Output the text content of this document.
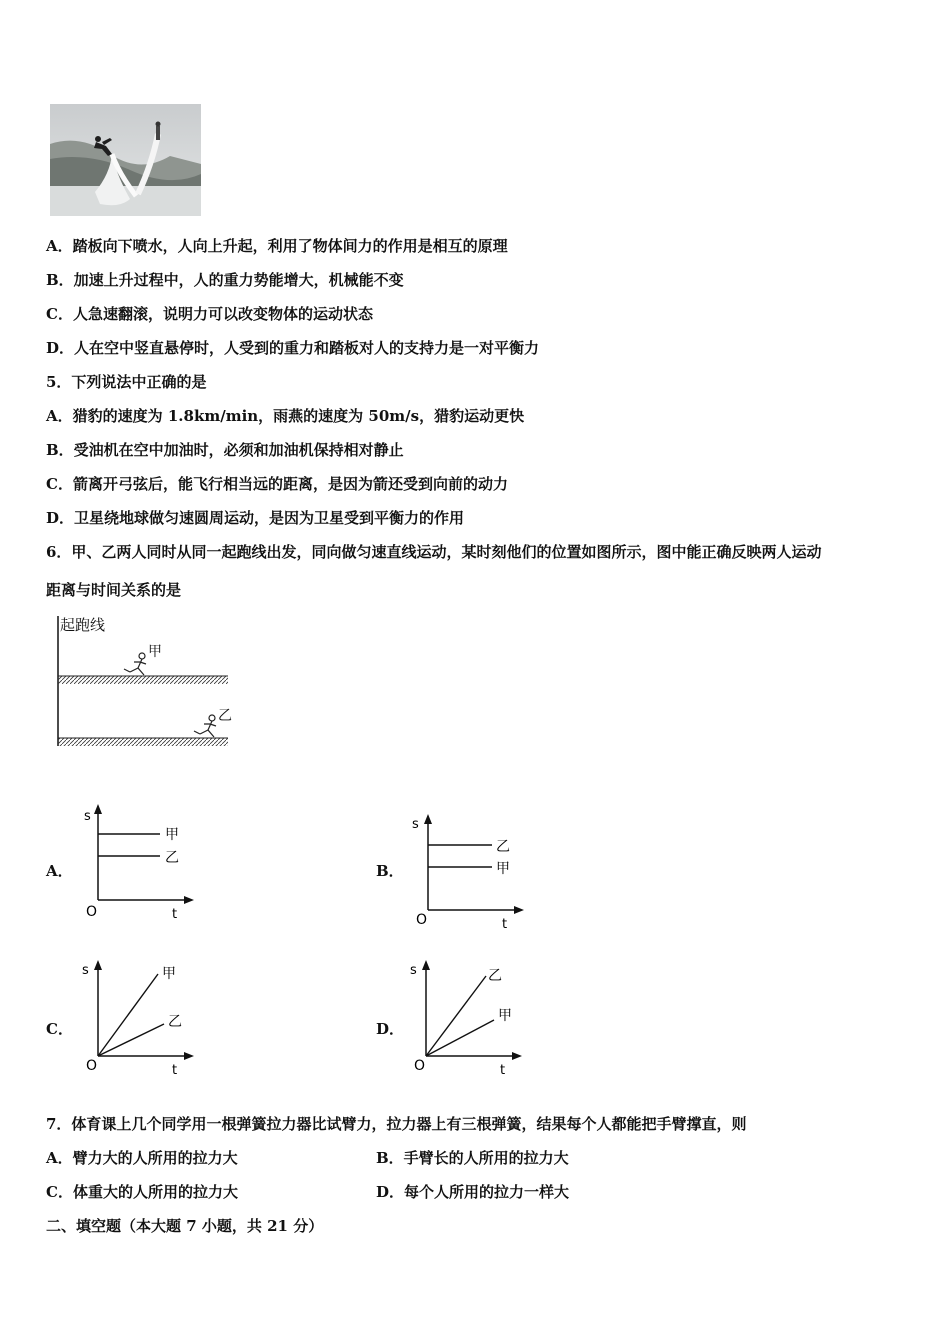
A．踏板向下喷水，人向上升起，利用了物体间力的作用是相互的原理
B．加速上升过程中，人的重力势能增大，机械能不变
C．人急速翻滚，说明力可以改变物体的运动状态
D．人在空中竖直悬停时，人受到的重力和踏板对人的支持力是一对平衡力
5．下列说法中正确的是
A．猎豹的速度为 1.8km/min，雨燕的速度为 50m/s，猎豹运动更快
B．受油机在空中加油时，必须和加油机保持相对静止
C．箭离开弓弦后，能飞行相当远的距离，是因为箭还受到向前的动力
D．卫星绕地球做匀速圆周运动，是因为卫星受到平衡力的作用
6．甲、乙两人同时从同一起跑线出发，同向做匀速直线运动，某时刻他们的位置如图所示，图中能正确反映两人运动
距离与时间关系的是
起跑线
甲
乙
A．
s
t
O
甲
乙
B．
s
t
O
乙
甲
C．
s
t
O
甲
乙	D．
s
t
O
乙
甲
7．体育课上几个同学用一根弹簧拉力器比试臂力，拉力器上有三根弹簧，结果每个人都能把手臂撑直，则
A．臂力大的人所用的拉力大	B．手臂长的人所用的拉力大
C．体重大的人所用的拉力大	D．每个人所用的拉力一样大
二、填空题（本大题 7 小题，共 21 分）
